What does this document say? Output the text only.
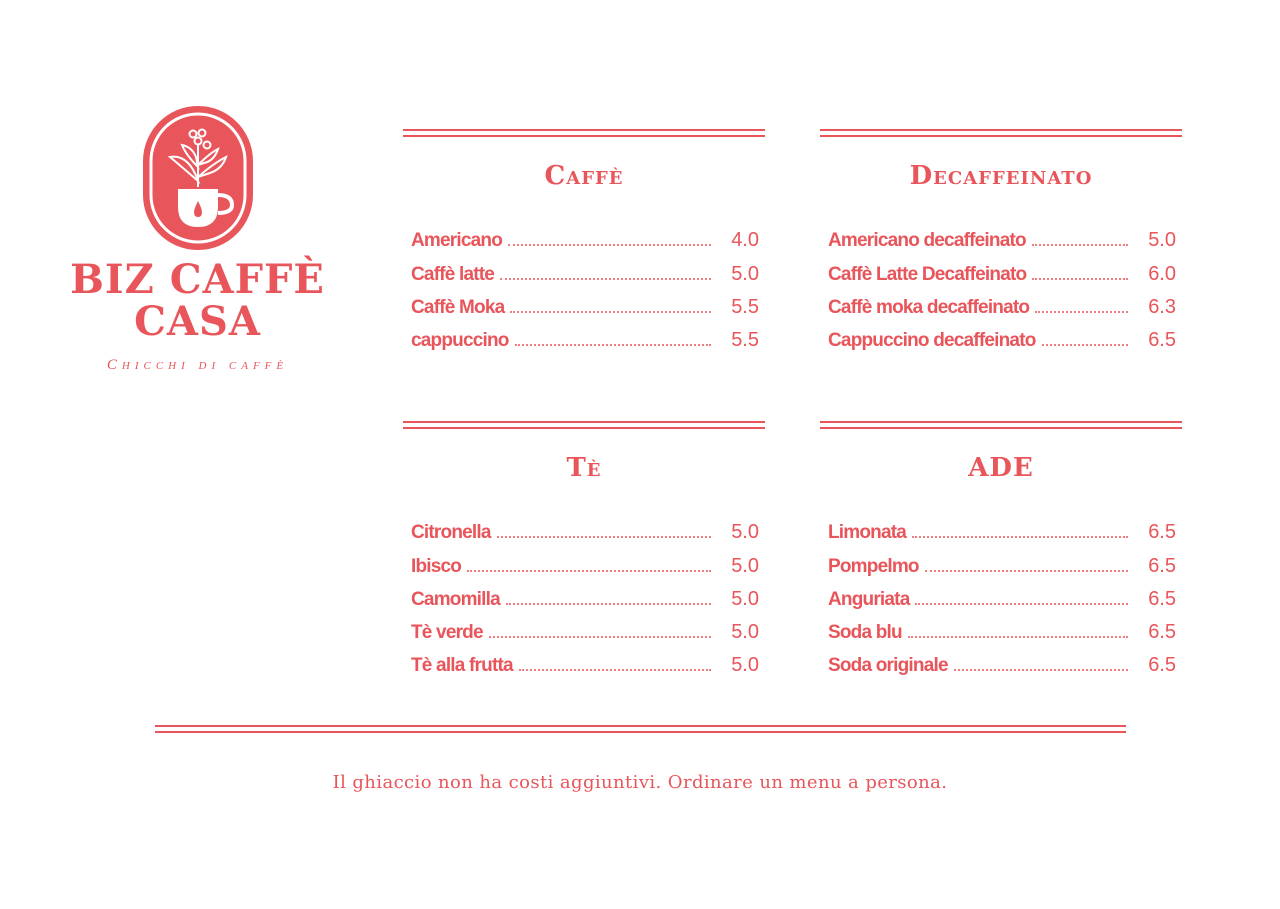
BIZ CAFFÈ
CASA
Chicchi di caffè
Caffè
Americano	4.0
Caffè latte	5.0
Caffè Moka	5.5
cappuccino	5.5
Decaffeinato
Americano decaffeinato	5.0
Caffè Latte Decaffeinato	6.0
Caffè moka decaffeinato	6.3
Cappuccino decaffeinato	6.5
Tè
Citronella	5.0
Ibisco	5.0
Camomilla	5.0
Tè verde	5.0
Tè alla frutta	5.0
ADE
Limonata	6.5
Pompelmo	6.5
Anguriata	6.5
Soda blu	6.5
Soda originale	6.5
Il ghiaccio non ha costi aggiuntivi. Ordinare un menu a persona.
